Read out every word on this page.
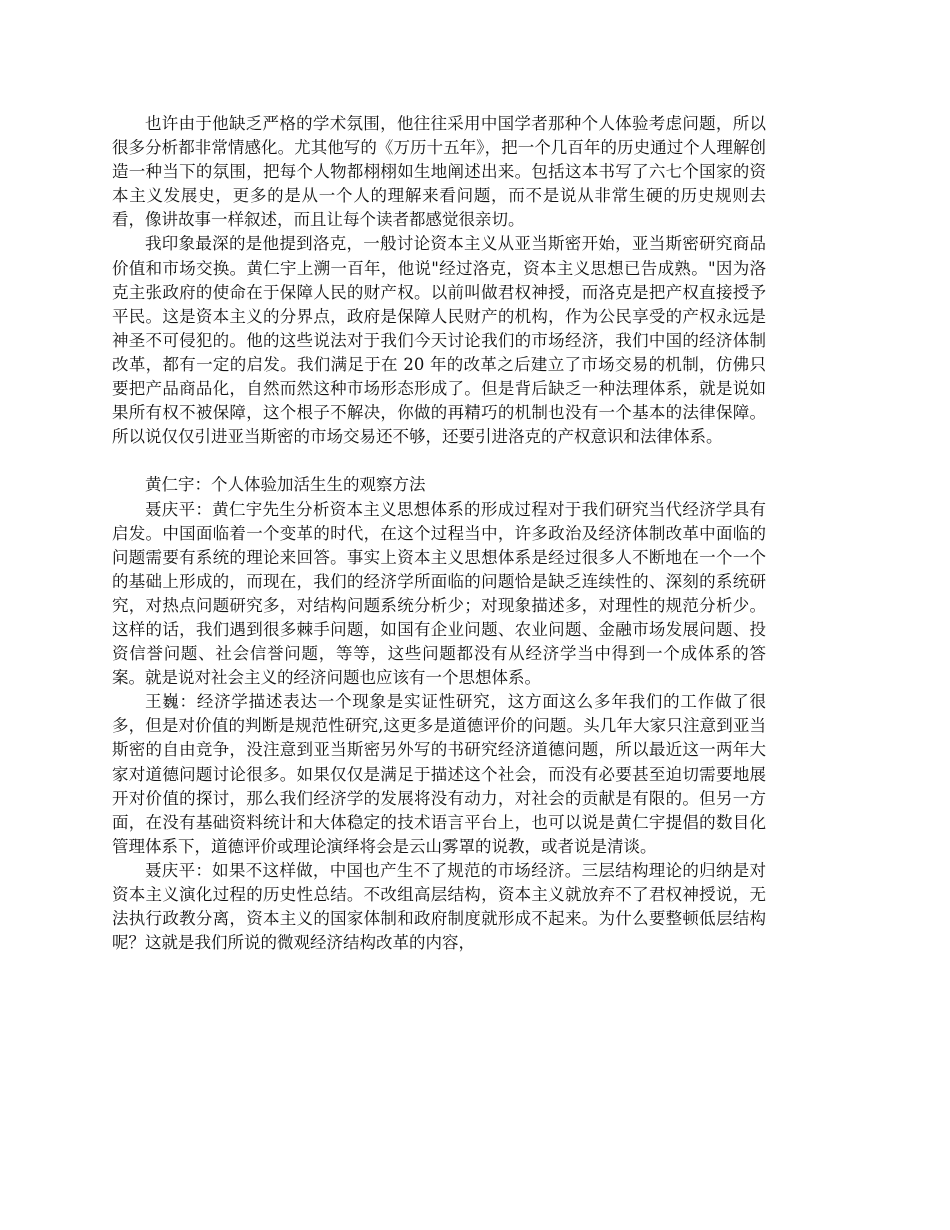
也许由于他缺乏严格的学术氛围，他往往采用中国学者那种个人体验考虑问题，所以很多分析都非常情感化。尤其他写的《万历十五年》，把一个几百年的历史通过个人理解创造一种当下的氛围，把每个人物都栩栩如生地阐述出来。包括这本书写了六七个国家的资本主义发展史，更多的是从一个人的理解来看问题，而不是说从非常生硬的历史规则去看，像讲故事一样叙述，而且让每个读者都感觉很亲切。

我印象最深的是他提到洛克，一般讨论资本主义从亚当斯密开始，亚当斯密研究商品价值和市场交换。黄仁宇上溯一百年，他说"经过洛克，资本主义思想已告成熟。"因为洛克主张政府的使命在于保障人民的财产权。以前叫做君权神授，而洛克是把产权直接授予平民。这是资本主义的分界点，政府是保障人民财产的机构，作为公民享受的产权永远是神圣不可侵犯的。他的这些说法对于我们今天讨论我们的市场经济，我们中国的经济体制改革，都有一定的启发。我们满足于在 20 年的改革之后建立了市场交易的机制，仿佛只要把产品商品化，自然而然这种市场形态形成了。但是背后缺乏一种法理体系，就是说如果所有权不被保障，这个根子不解决，你做的再精巧的机制也没有一个基本的法律保障。所以说仅仅引进亚当斯密的市场交易还不够，还要引进洛克的产权意识和法律体系。

黄仁宇：个人体验加活生生的观察方法

聂庆平：黄仁宇先生分析资本主义思想体系的形成过程对于我们研究当代经济学具有启发。中国面临着一个变革的时代，在这个过程当中，许多政治及经济体制改革中面临的问题需要有系统的理论来回答。事实上资本主义思想体系是经过很多人不断地在一个一个的基础上形成的，而现在，我们的经济学所面临的问题恰是缺乏连续性的、深刻的系统研究，对热点问题研究多，对结构问题系统分析少；对现象描述多，对理性的规范分析少。这样的话，我们遇到很多棘手问题，如国有企业问题、农业问题、金融市场发展问题、投资信誉问题、社会信誉问题，等等，这些问题都没有从经济学当中得到一个成体系的答案。就是说对社会主义的经济问题也应该有一个思想体系。

王巍：经济学描述表达一个现象是实证性研究，这方面这么多年我们的工作做了很多，但是对价值的判断是规范性研究,这更多是道德评价的问题。头几年大家只注意到亚当斯密的自由竞争，没注意到亚当斯密另外写的书研究经济道德问题，所以最近这一两年大家对道德问题讨论很多。如果仅仅是满足于描述这个社会，而没有必要甚至迫切需要地展开对价值的探讨，那么我们经济学的发展将没有动力，对社会的贡献是有限的。但另一方面，在没有基础资料统计和大体稳定的技术语言平台上，也可以说是黄仁宇提倡的数目化管理体系下，道德评价或理论演绎将会是云山雾罩的说教，或者说是清谈。

聂庆平：如果不这样做，中国也产生不了规范的市场经济。三层结构理论的归纳是对资本主义演化过程的历史性总结。不改组高层结构，资本主义就放弃不了君权神授说，无法执行政教分离，资本主义的国家体制和政府制度就形成不起来。为什么要整顿低层结构呢？这就是我们所说的微观经济结构改革的内容，
